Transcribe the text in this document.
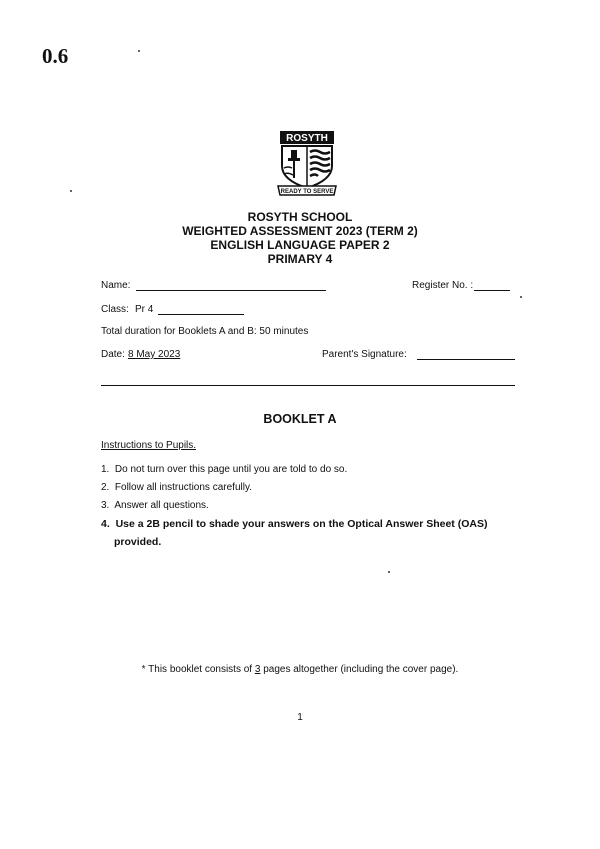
0.6
ROSYTH
READY TO SERVE
ROSYTH SCHOOL
WEIGHTED ASSESSMENT 2023 (TERM 2)
ENGLISH LANGUAGE PAPER 2
PRIMARY 4
Name:	Register No. :
Class: Pr 4
Total duration for Booklets A and B: 50 minutes
Date: 8 May 2023	Parent's Signature:
BOOKLET A
Instructions to Pupils.
1.  Do not turn over this page until you are told to do so.
2.  Follow all instructions carefully.
3.  Answer all questions.
4.  Use a 2B pencil to shade your answers on the Optical Answer Sheet (OAS)
provided.
* This booklet consists of 3 pages altogether (including the cover page).
1
